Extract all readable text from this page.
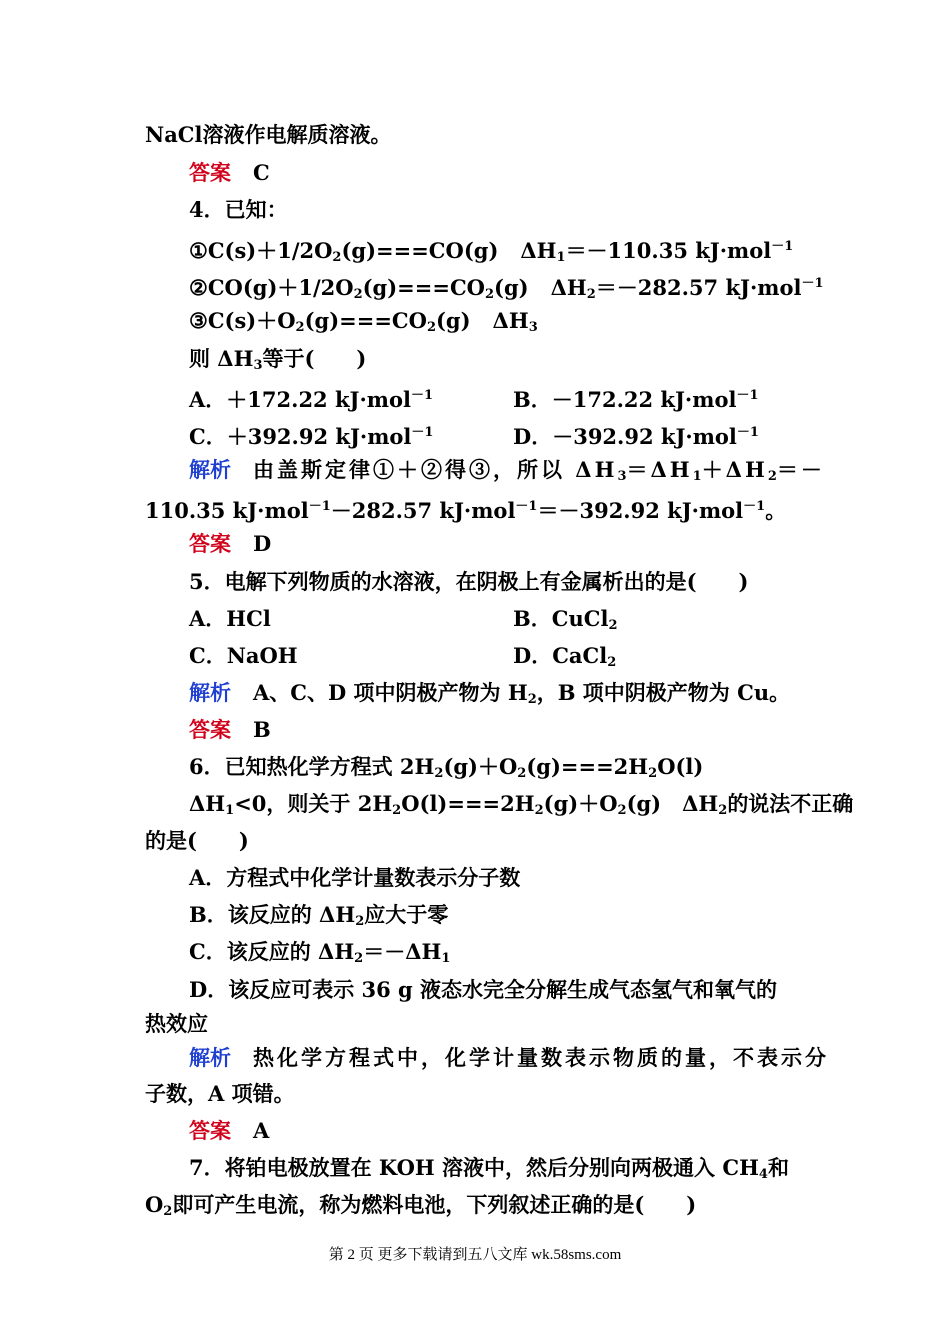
NaCl溶液作电解质溶液。
答案 C
4．已知：
$①C(s)+1/2O_2(g)===CO(g)$ $\Delta H_1=-110.35$ kJ·mol$^{-1}$
$②CO(g)+1/2O_2(g)===CO_2(g)$ $\Delta H_2=-282.57$ kJ·mol$^{-1}$
$③C(s)+O_2(g)===CO_2(g)$ $\Delta H_3$
则 $\Delta H_3$等于(　　)
A．＋172.22 kJ·mol$^{-1}$	B．－172.22 kJ·mol$^{-1}$
C．＋392.92 kJ·mol$^{-1}$	D．－392.92 kJ·mol$^{-1}$
解析 由盖斯定律①＋②得③，所以 $\Delta H_3=\Delta H_1+\Delta H_2=-$
110.35 kJ·mol$^{-1}$－282.57 kJ·mol$^{-1}$＝－392.92 kJ·mol$^{-1}$。
答案 D
5．电解下列物质的水溶液，在阴极上有金属析出的是(　　)
A．HCl	B．CuCl$_2$
C．NaOH	D．CaCl$_2$
解析 A、C、D 项中阴极产物为 $H_2$，B 项中阴极产物为 Cu。
答案 B
6．已知热化学方程式 $2H_2(g)+O_2(g)===2H_2O(l)$
$\Delta H_1<0$，则关于 $2H_2O(l)===2H_2(g)+O_2(g)$　$\Delta H_2$的说法不正确
的是(　　)
A．方程式中化学计量数表示分子数
B．该反应的 $\Delta H_2$应大于零
C．该反应的 $\Delta H_2=-\Delta H_1$
D．该反应可表示 36 g 液态水完全分解生成气态氢气和氧气的
热效应
解析 热化学方程式中，化学计量数表示物质的量，不表示分
子数，A 项错。
答案 A
7．将铂电极放置在 KOH 溶液中，然后分别向两极通入 $CH_4$和
$O_2$即可产生电流，称为燃料电池，下列叙述正确的是(　　)
第 2 页 更多下载请到五八文库 wk.58sms.com
